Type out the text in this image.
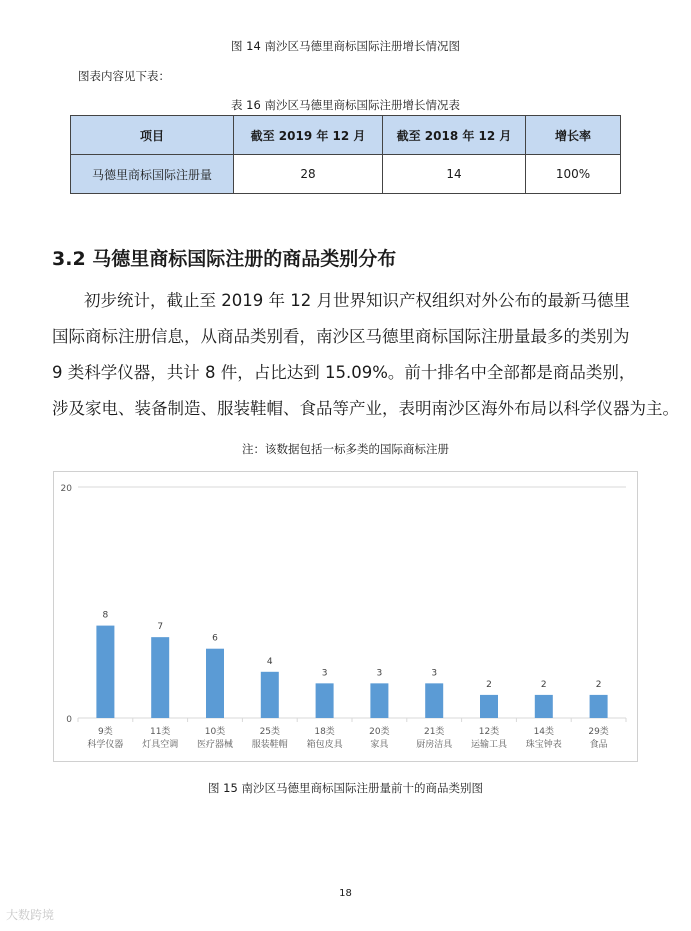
图 14 南沙区马德里商标国际注册增长情况图
图表内容见下表：
表 16 南沙区马德里商标国际注册增长情况表
项目	截至 2019 年 12 月	截至 2018 年 12 月	增长率
马德里商标国际注册量	28	14	100%
3.2 马德里商标国际注册的商品类别分布
初步统计，截止至 2019 年 12 月世界知识产权组织对外公布的最新马德里
国际商标注册信息，从商品类别看，南沙区马德里商标国际注册量最多的类别为
9 类科学仪器，共计 8 件，占比达到 15.09%。前十排名中全部都是商品类别，
涉及家电、装备制造、服装鞋帽、食品等产业，表明南沙区海外布局以科学仪器为主。
注：该数据包括一标多类的国际商标注册
0
20
8
9类
科学仪器
7
11类
灯具空调
6
10类
医疗器械
4
25类
服装鞋帽
3
18类
箱包皮具
3
20类
家具
3
21类
厨房洁具
2
12类
运输工具
2
14类
珠宝钟表
2
29类
食品
图 15 南沙区马德里商标国际注册量前十的商品类别图
18
大数跨境
